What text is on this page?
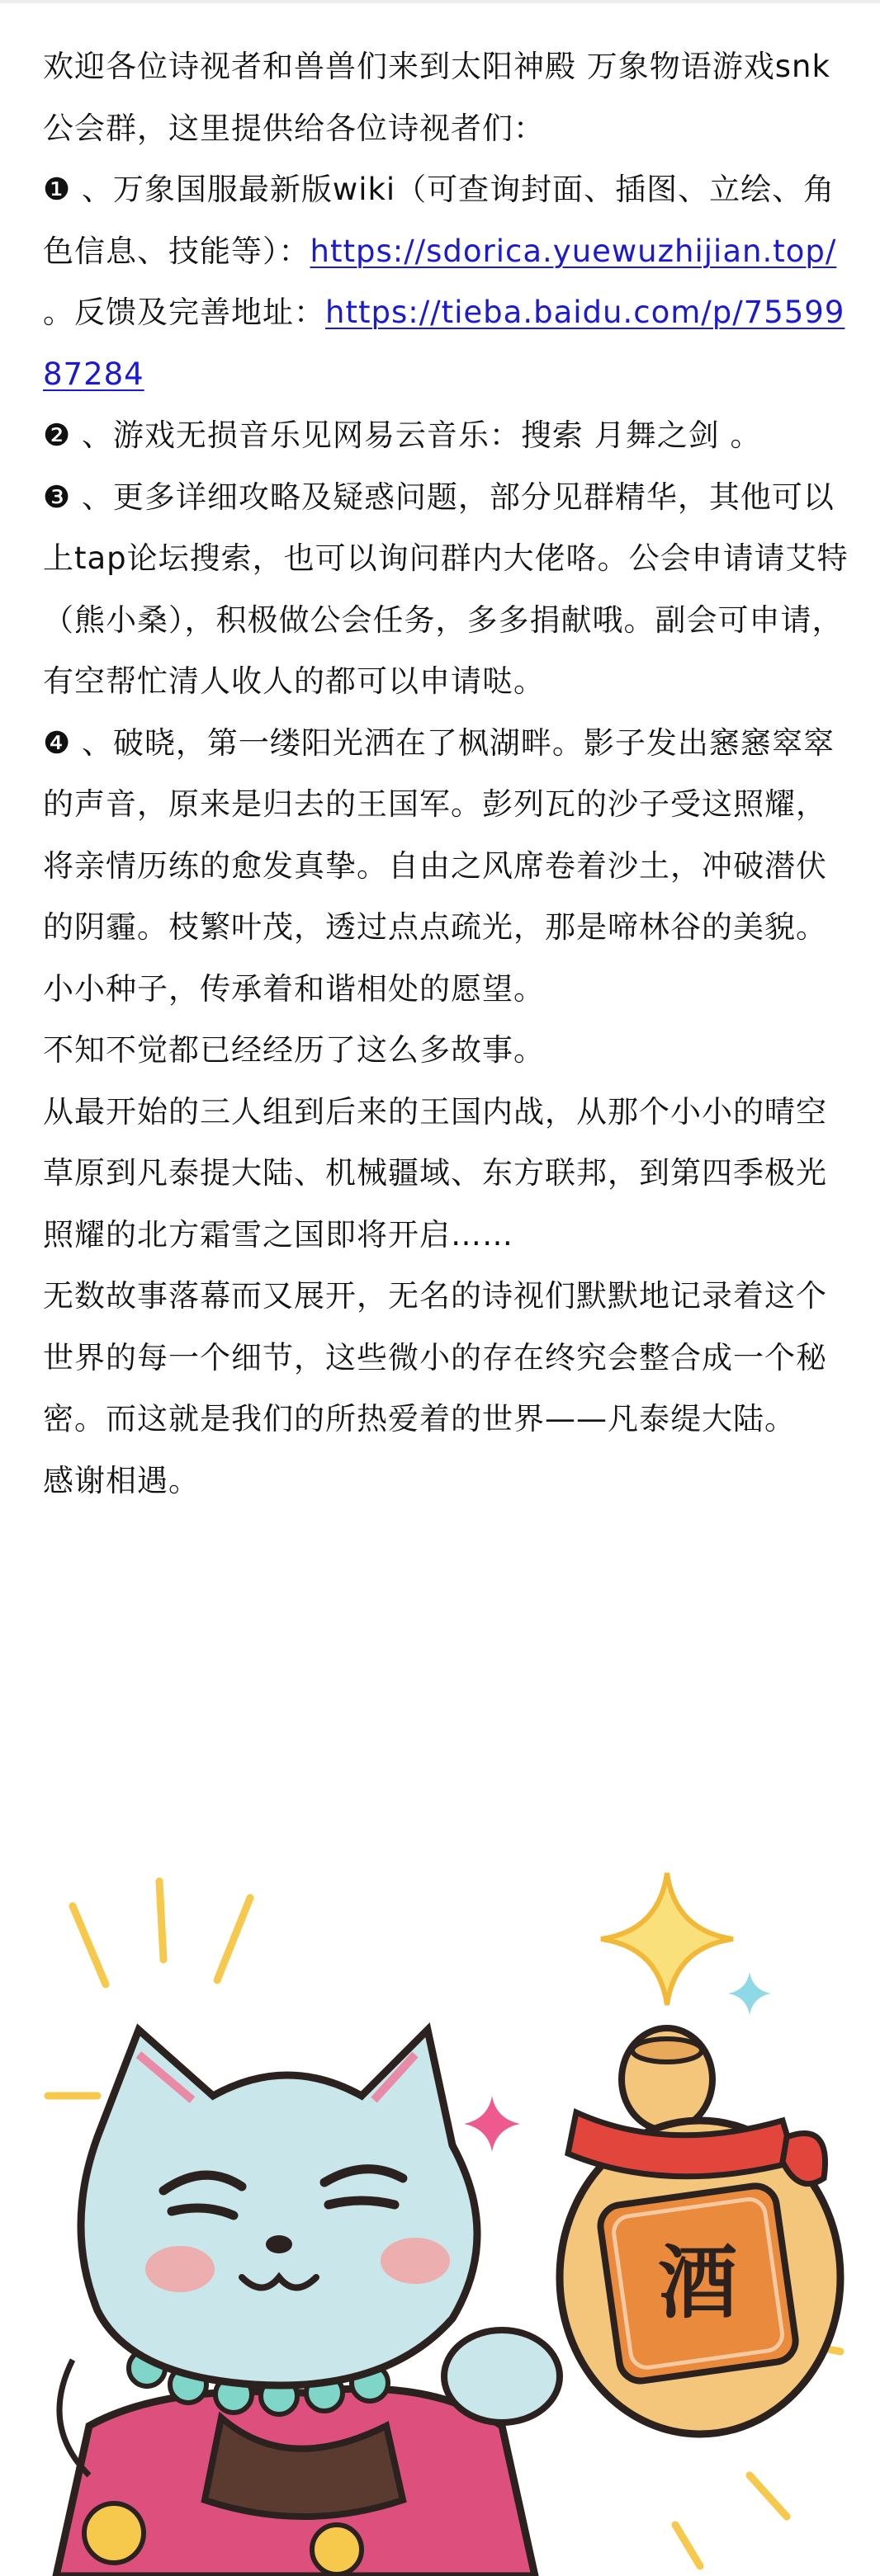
欢迎各位诗视者和兽兽们来到太阳神殿 万象物语游戏snk公会群，这里提供给各位诗视者们：

❶ 、万象国服最新版wiki（可查询封面、插图、立绘、角色信息、技能等）：https://sdorica.yuewuzhijian.top/ 。反馈及完善地址：https://tieba.baidu.com/p/7559987284

❷ 、游戏无损音乐见网易云音乐：搜索 月舞之剑 。

❸ 、更多详细攻略及疑惑问题，部分见群精华，其他可以上tap论坛搜索，也可以询问群内大佬咯。公会申请请艾特（熊小桑），积极做公会任务，多多捐献哦。副会可申请，有空帮忙清人收人的都可以申请哒。

❹ 、破晓，第一缕阳光洒在了枫湖畔。影子发出窸窸窣窣的声音，原来是归去的王国军。彭列瓦的沙子受这照耀，将亲情历练的愈发真挚。自由之风席卷着沙土，冲破潜伏的阴霾。枝繁叶茂，透过点点疏光，那是啼林谷的美貌。小小种子，传承着和谐相处的愿望。

不知不觉都已经经历了这么多故事。

从最开始的三人组到后来的王国内战，从那个小小的晴空草原到凡泰提大陆、机械疆域、东方联邦，到第四季极光照耀的北方霜雪之国即将开启……

无数故事落幕而又展开，无名的诗视们默默地记录着这个世界的每一个细节，这些微小的存在终究会整合成一个秘密。而这就是我们的所热爱着的世界——凡泰缇大陆。

感谢相遇。

酒
